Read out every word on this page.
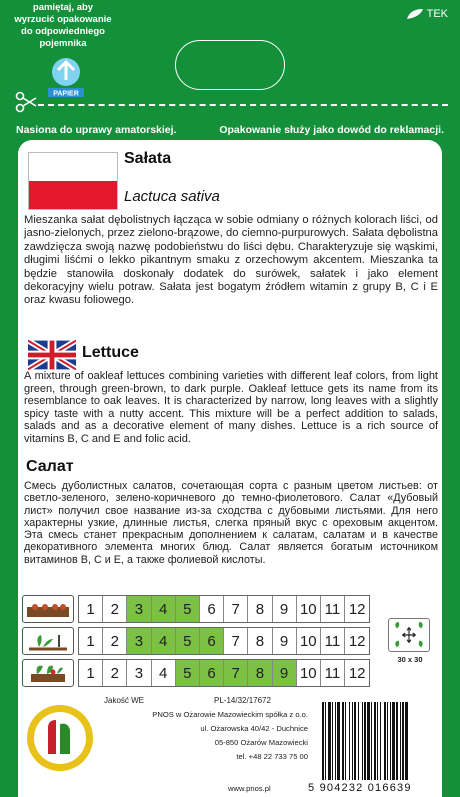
pamiętaj, aby
wyrzucić opakowanie
do odpowiedniego
pojemnika
PAPIER
TEK
Nasiona do uprawy amatorskiej.	Opakowanie służy jako dowód do reklamacji.
Sałata
Lactuca sativa
Mieszanka sałat dębolistnych łącząca w sobie odmiany o różnych kolorach liści, od jasno-zielonych, przez zielono-brązowe, do ciemno-purpurowych. Sałata dębolistna zawdzięcza swoją nazwę podobieństwu do liści dębu. Charakteryzuje się wąskimi, długimi liśćmi o lekko pikantnym smaku z orzechowym akcentem. Mieszanka ta będzie stanowiła doskonały dodatek do surówek, sałatek i jako element dekoracyjny wielu potraw. Sałata jest bogatym źródłem witamin z grupy B, C i E oraz kwasu foliowego.
Lettuce
A mixture of oakleaf lettuces combining varieties with different leaf colors, from light green, through green-brown, to dark purple. Oakleaf lettuce gets its name from its resemblance to oak leaves. It is characterized by narrow, long leaves with a slightly spicy taste with a nutty accent. This mixture will be a perfect addition to salads, salads and as a decorative element of many dishes. Lettuce is a rich source of vitamins B, C and E and folic acid.
Салат
Смесь дуболистных салатов, сочетающая сорта с разным цветом листьев: от светло-зеленого, зелено-коричневого до темно-фиолетового. Салат «Дубовый лист» получил свое название из-за сходства с дубовыми листьями. Для него характерны узкие, длинные листья, слегка пряный вкус с ореховым акцентом. Эта смесь станет прекрасным дополнением к салатам, салатам и в качестве декоративного элемента многих блюд. Салат является богатым источником витаминов B, C и E, а также фолиевой кислоты.
1	2	3	4	5	6	7	8	9 10 11 12
1	2	3	4	5	6	7	8	9 10 11 12
1	2	3	4	5	6	7	8	9 10 11 12
30 x 30
Jakość WE	PL-14/32/17672
PNOS w Ożarowie Mazowieckim spółka z o.o.
ul. Ożarowska 40/42 - Duchnice
05-850 Ożarów Mazowiecki
tel. +48 22 733 75 00
www.pnos.pl	5 904232 016639
